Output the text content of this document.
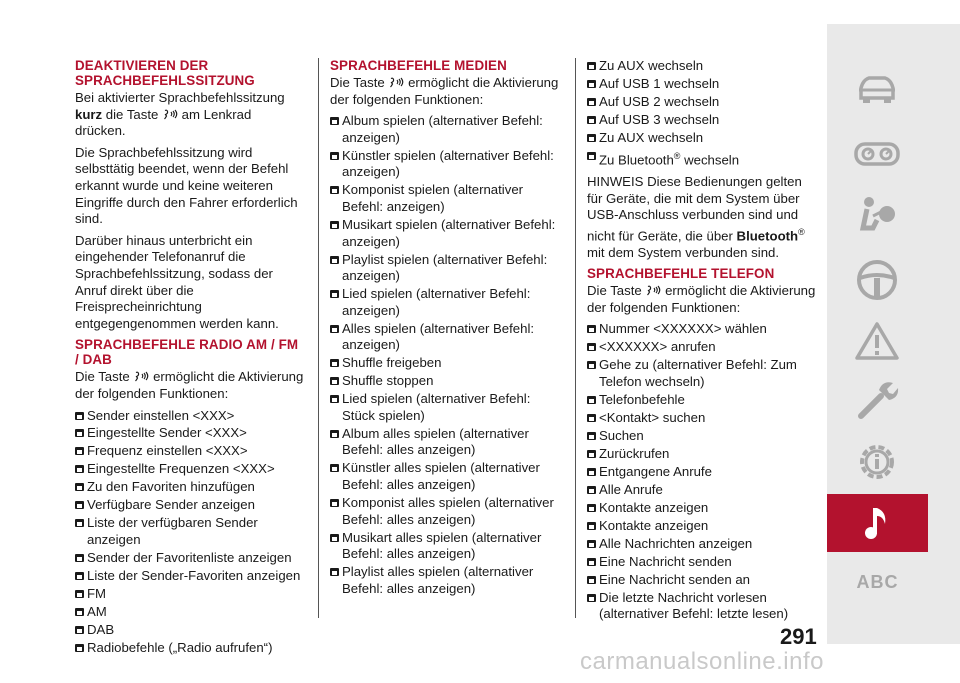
DEAKTIVIEREN DER SPRACHBEFEHLSSITZUNG
Bei aktivierter Sprachbefehlssitzung
kurz die Taste  am Lenkrad drücken.
Die Sprachbefehlssitzung wird selbsttätig beendet, wenn der Befehl erkannt wurde und keine weiteren Eingriffe durch den Fahrer erforderlich sind.
Darüber hinaus unterbricht ein eingehender Telefonanruf die Sprachbefehlssitzung, sodass der Anruf direkt über die Freisprecheinrichtung entgegengenommen werden kann.
SPRACHBEFEHLE RADIO AM / FM / DAB
Die Taste  ermöglicht die Aktivierung der folgenden Funktionen:
Sender einstellen <XXX>
Eingestellte Sender <XXX>
Frequenz einstellen <XXX>
Eingestellte Frequenzen <XXX>
Zu den Favoriten hinzufügen
Verfügbare Sender anzeigen
Liste der verfügbaren Sender anzeigen
Sender der Favoritenliste anzeigen
Liste der Sender-Favoriten anzeigen
FM
AM
DAB
Radiobefehle („Radio aufrufen“)
SPRACHBEFEHLE MEDIEN
Die Taste  ermöglicht die Aktivierung der folgenden Funktionen:
Album spielen (alternativer Befehl: anzeigen)
Künstler spielen (alternativer Befehl: anzeigen)
Komponist spielen (alternativer Befehl: anzeigen)
Musikart spielen (alternativer Befehl: anzeigen)
Playlist spielen (alternativer Befehl: anzeigen)
Lied spielen (alternativer Befehl: anzeigen)
Alles spielen (alternativer Befehl: anzeigen)
Shuffle freigeben
Shuffle stoppen
Lied spielen (alternativer Befehl: Stück spielen)
Album alles spielen (alternativer Befehl: alles anzeigen)
Künstler alles spielen (alternativer Befehl: alles anzeigen)
Komponist alles spielen (alternativer Befehl: alles anzeigen)
Musikart alles spielen (alternativer Befehl: alles anzeigen)
Playlist alles spielen (alternativer Befehl: alles anzeigen)
Zu AUX wechseln
Auf USB 1 wechseln
Auf USB 2 wechseln
Auf USB 3 wechseln
Zu AUX wechseln
Zu Bluetooth® wechseln
HINWEIS Diese Bedienungen gelten für Geräte, die mit dem System über USB-Anschluss verbunden sind und nicht für Geräte, die über Bluetooth® mit dem System verbunden sind.
SPRACHBEFEHLE TELEFON
Die Taste  ermöglicht die Aktivierung der folgenden Funktionen:
Nummer <XXXXXX> wählen
<XXXXXX> anrufen
Gehe zu (alternativer Befehl: Zum Telefon wechseln)
Telefonbefehle
<Kontakt> suchen
Suchen
Zurückrufen
Entgangene Anrufe
Alle Anrufe
Kontakte anzeigen
Kontakte anzeigen
Alle Nachrichten anzeigen
Eine Nachricht senden
Eine Nachricht senden an
Die letzte Nachricht vorlesen (alternativer Befehl: letzte lesen)
ABC
291
carmanualsonline.info
